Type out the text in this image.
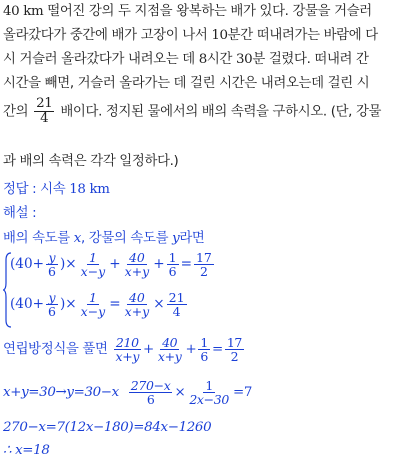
40 km 떨어진 강의 두 지점을 왕복하는 배가 있다. 강물을 거슬러
올라갔다가 중간에 배가 고장이 나서 10분간 떠내려가는 바람에 다
시 거슬러 올라갔다가 내려오는 데 8시간 30분 걸렸다. 떠내려 간
시간을 빼면, 거슬러 올라가는 데 걸린 시간은 내려오는데 걸린 시
간의 $\frac{21}{4}$ 배이다. 정지된 물에서의 배의 속력을 구하시오. (단, 강물
과 배의 속력은 각각 일정하다.)
정답 : 시속 18 km
해설 :
배의 속도를 x, 강물의 속도를 y라면
($40+ \frac{y}{6}$ )× $\frac{1}{x-y} + \frac{40}{x+y} + \frac{1}{6} = \frac{17}{2}$
($40+ \frac{y}{6}$ )× $\frac{1}{x-y} = \frac{40}{x+y} \times \frac{21}{4}$
연립방정식을 풀면 $\frac{210}{x+y} + \frac{40}{x+y} + \frac{1}{6} = \frac{17}{2}$
$x+y=30\to y=30-x \frac{270-x}{6} \times \frac{1}{2x-30} =7$
270−x=7(12x−180)=84x−1260
∴ x=18
